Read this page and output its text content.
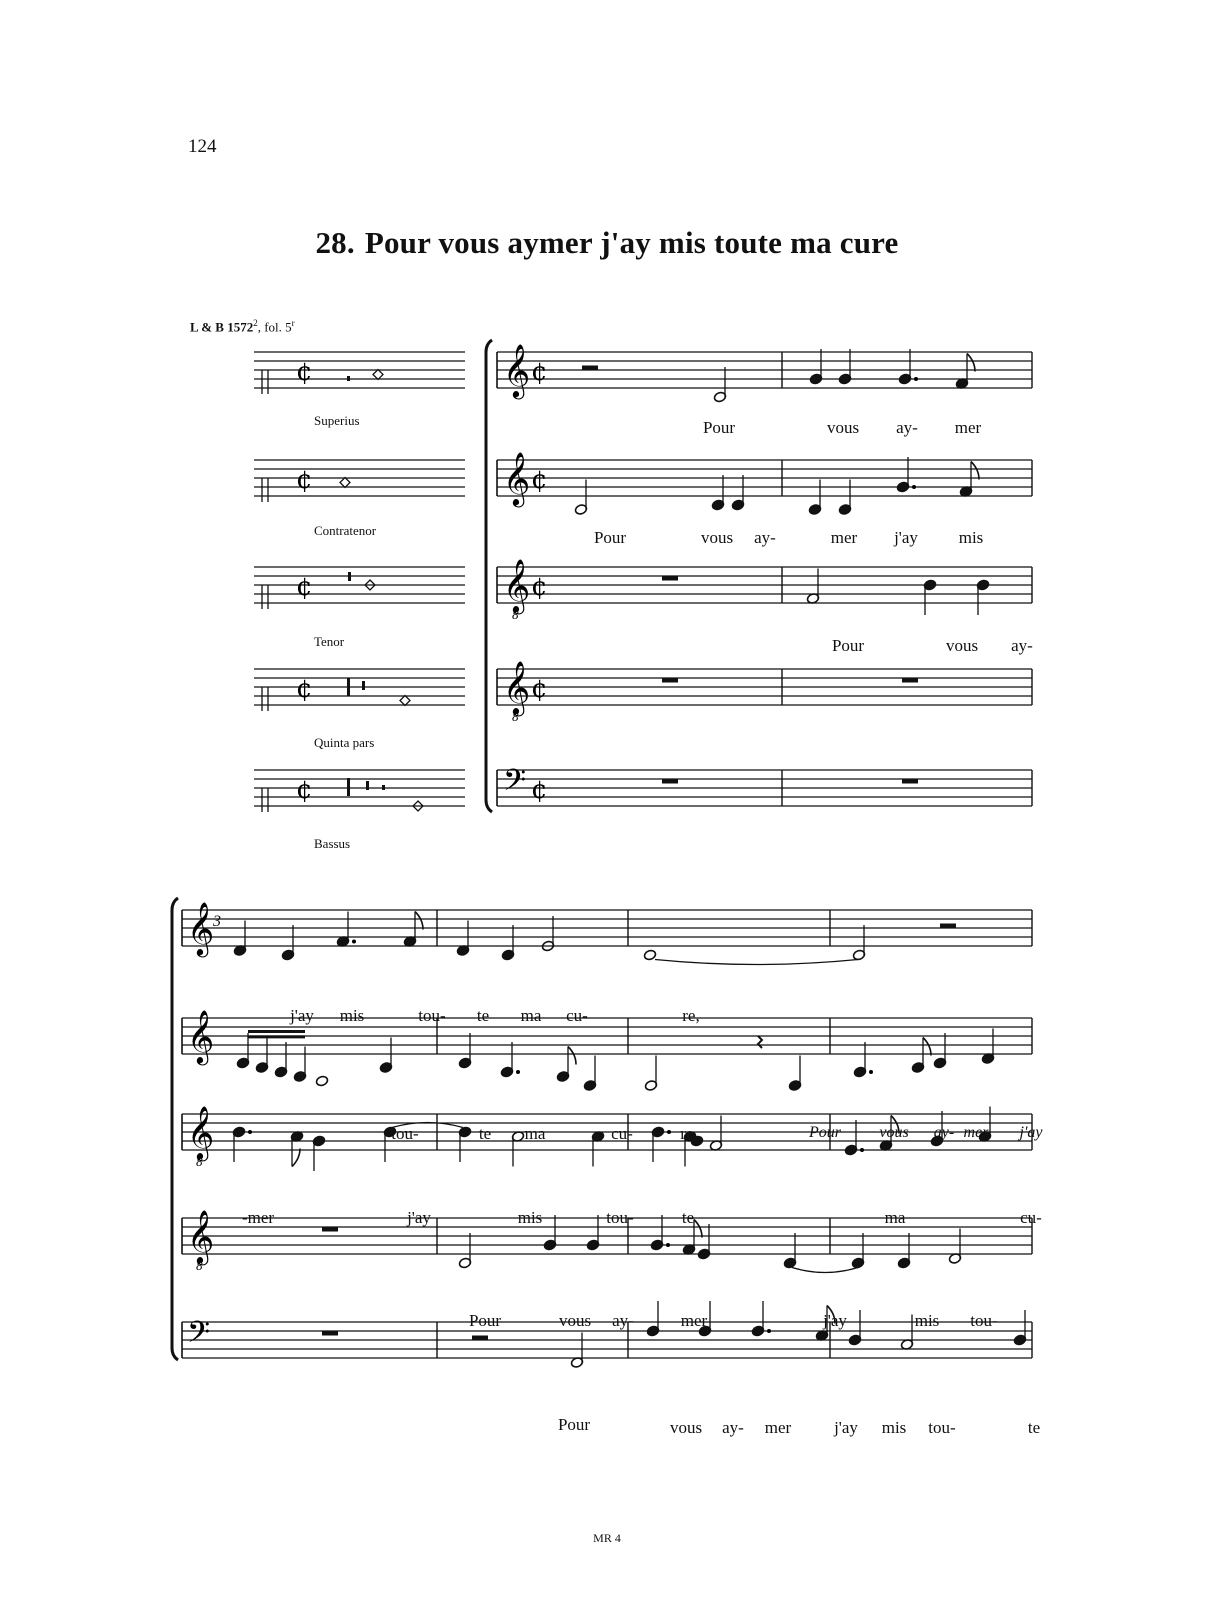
124
28. Pour vous aymer j'ay mis toute ma cure
L & B 1572$^2$, fol. 5$^r$
¢
¢
¢
¢
¢
𝄞 ¢
𝄞 ¢
𝄞
8
¢
𝄞
8
¢
𝄢 ¢
𝄞
𝄞
𝄞
8
𝄞
8
𝄢
Superius
Contratenor
Tenor
Quinta pars
Bassus
Pour	vous ay- mer
Pour	vous ay-	mer j'ay mis
Pour	vous ay-
3
j'ay mis	tou- te ma cu-	re,
tou-	te ma	cu-	re,	Pour vous ay- mer j'ay
-mer	j'ay	mis	tou-	te	ma	cu-
Pour	vous ay-	mer	j'ay	mis tou-
Pour	vous ay- mer	j'ay mis tou-	te
MR 4
